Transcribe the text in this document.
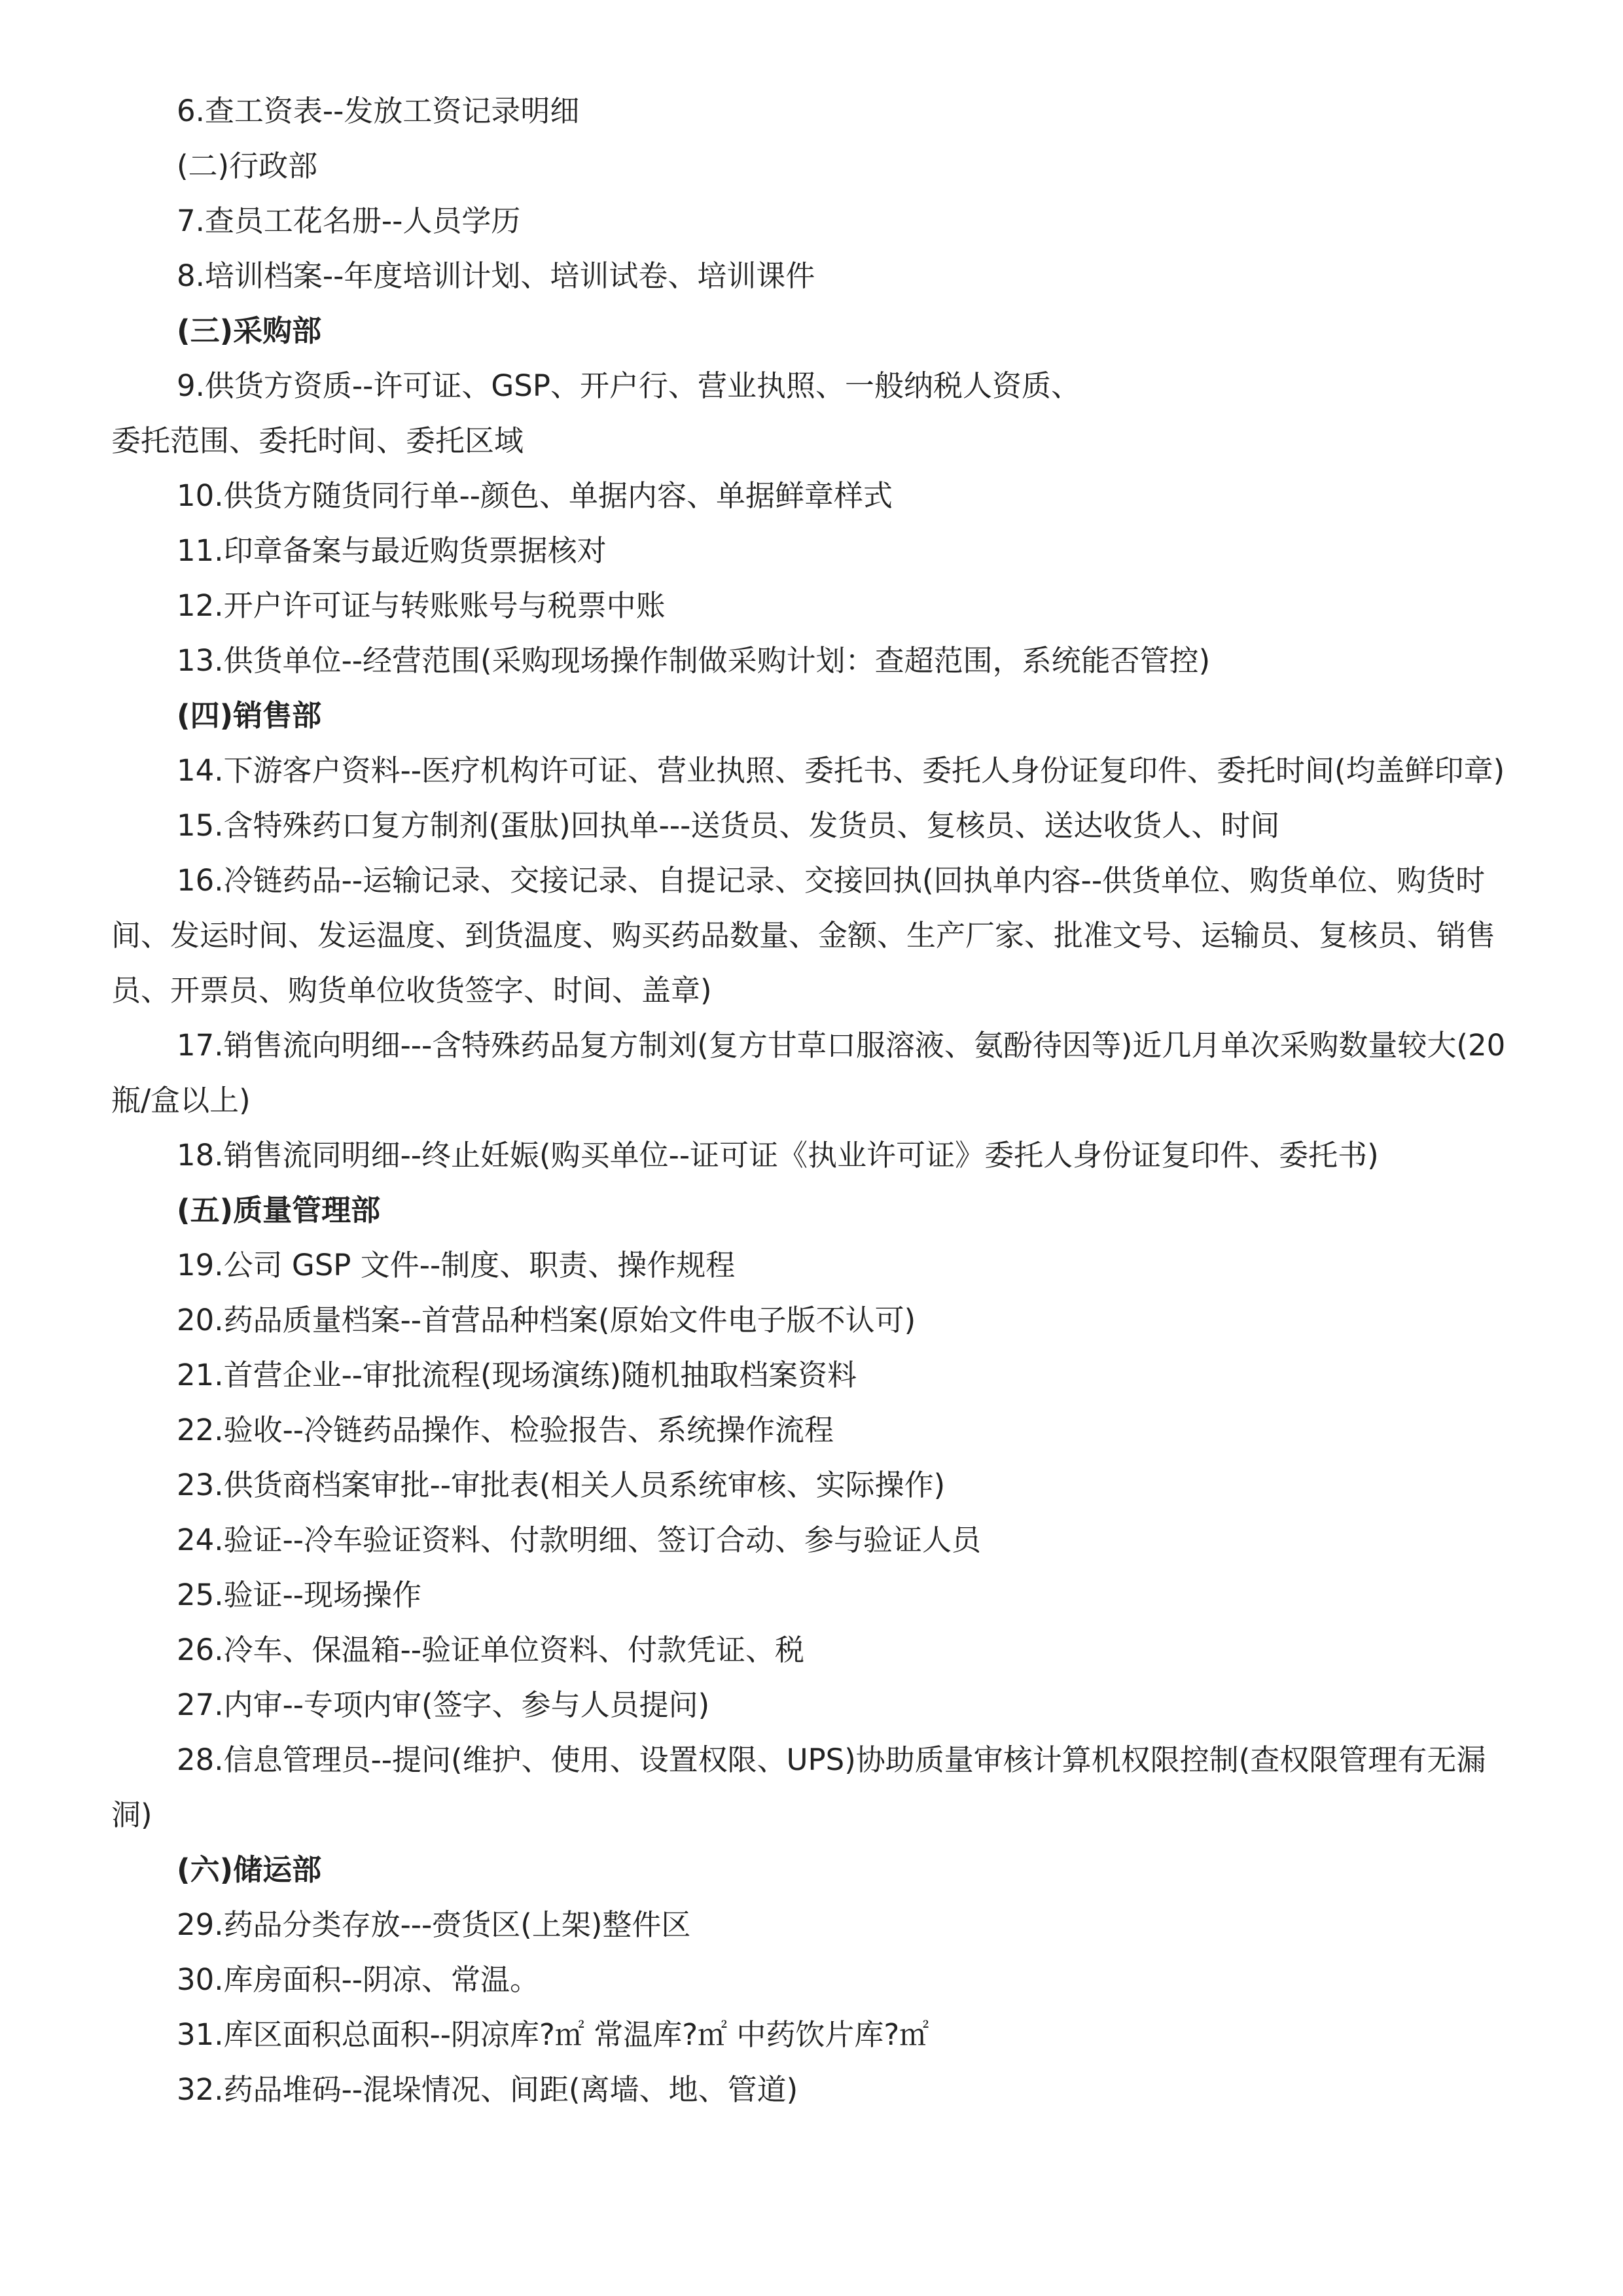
6.查工资表--发放工资记录明细
(二)行政部
7.查员工花名册--人员学历
8.培训档案--年度培训计划、培训试卷、培训课件
(三)采购部
9.供货方资质--许可证、GSP、开户行、营业执照、一般纳税人资质、
委托范围、委托时间、委托区域
10.供货方随货同行单--颜色、单据内容、单据鲜章样式
11.印章备案与最近购货票据核对
12.开户许可证与转账账号与税票中账
13.供货单位--经营范围(采购现场操作制做采购计划：查超范围，系统能否管控)
(四)销售部
14.下游客户资料--医疗机构许可证、营业执照、委托书、委托人身份证复印件、委托时间(均盖鲜印章)
15.含特殊药口复方制剂(蛋肽)回执单---送货员、发货员、复核员、送达收货人、时间
16.冷链药品--运输记录、交接记录、自提记录、交接回执(回执单内容--供货单位、购货单位、购货时间、发运时间、发运温度、到货温度、购买药品数量、金额、生产厂家、批准文号、运输员、复核员、销售员、开票员、购货单位收货签字、时间、盖章)
17.销售流向明细---含特殊药品复方制刘(复方甘草口服溶液、氨酚待因等)近几月单次采购数量较大(20 瓶/盒以上)
18.销售流同明细--终止妊娠(购买单位--证可证《执业许可证》委托人身份证复印件、委托书)
(五)质量管理部
19.公司 GSP 文件--制度、职责、操作规程
20.药品质量档案--首营品种档案(原始文件电子版不认可)
21.首营企业--审批流程(现场演练)随机抽取档案资料
22.验收--冷链药品操作、检验报告、系统操作流程
23.供货商档案审批--审批表(相关人员系统审核、实际操作)
24.验证--冷车验证资料、付款明细、签订合动、参与验证人员
25.验证--现场操作
26.冷车、保温箱--验证单位资料、付款凭证、税
27.内审--专项内审(签字、参与人员提问)
28.信息管理员--提问(维护、使用、设置权限、UPS)协助质量审核计算机权限控制(查权限管理有无漏洞)
(六)储运部
29.药品分类存放---赍货区(上架)整件区
30.库房面积--阴凉、常温。
31.库区面积总面积--阴凉库?㎡ 常温库?㎡ 中药饮片库?㎡
32.药品堆码--混垛情况、间距(离墙、地、管道)
